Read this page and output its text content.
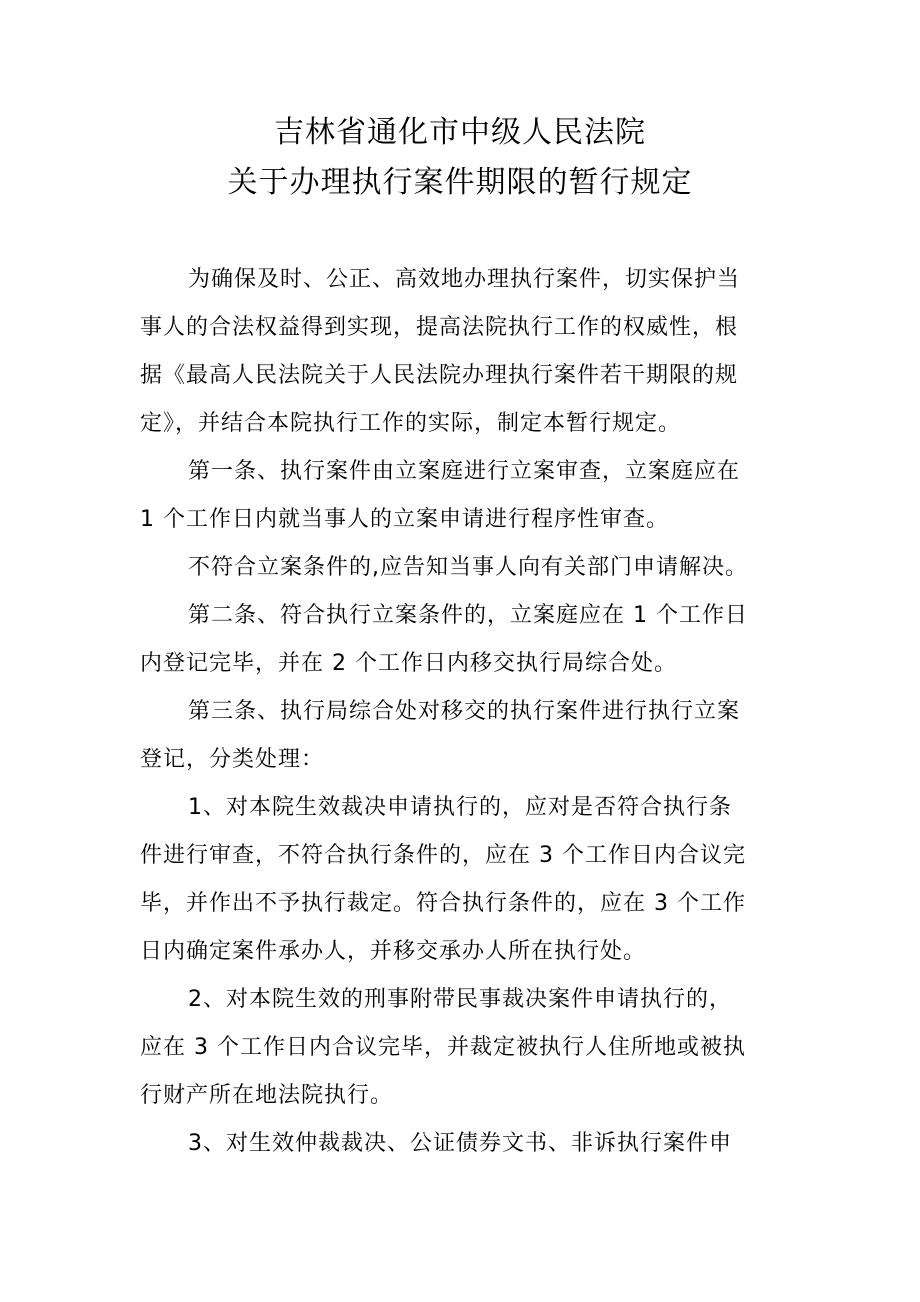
吉林省通化市中级人民法院
关于办理执行案件期限的暂行规定
为确保及时、公正、高效地办理执行案件，切实保护当
事人的合法权益得到实现，提高法院执行工作的权威性，根
据《最高人民法院关于人民法院办理执行案件若干期限的规
定》，并结合本院执行工作的实际，制定本暂行规定。
第一条、执行案件由立案庭进行立案审查，立案庭应在
1 个工作日内就当事人的立案申请进行程序性审查。
不符合立案条件的,应告知当事人向有关部门申请解决。
第二条、符合执行立案条件的，立案庭应在 1 个工作日
内登记完毕，并在 2 个工作日内移交执行局综合处。
第三条、执行局综合处对移交的执行案件进行执行立案
登记，分类处理：
1、对本院生效裁决申请执行的，应对是否符合执行条
件进行审查，不符合执行条件的，应在 3 个工作日内合议完
毕，并作出不予执行裁定。符合执行条件的，应在 3 个工作
日内确定案件承办人，并移交承办人所在执行处。
2、对本院生效的刑事附带民事裁决案件申请执行的，
应在 3 个工作日内合议完毕，并裁定被执行人住所地或被执
行财产所在地法院执行。
3、对生效仲裁裁决、公证债券文书、非诉执行案件申
